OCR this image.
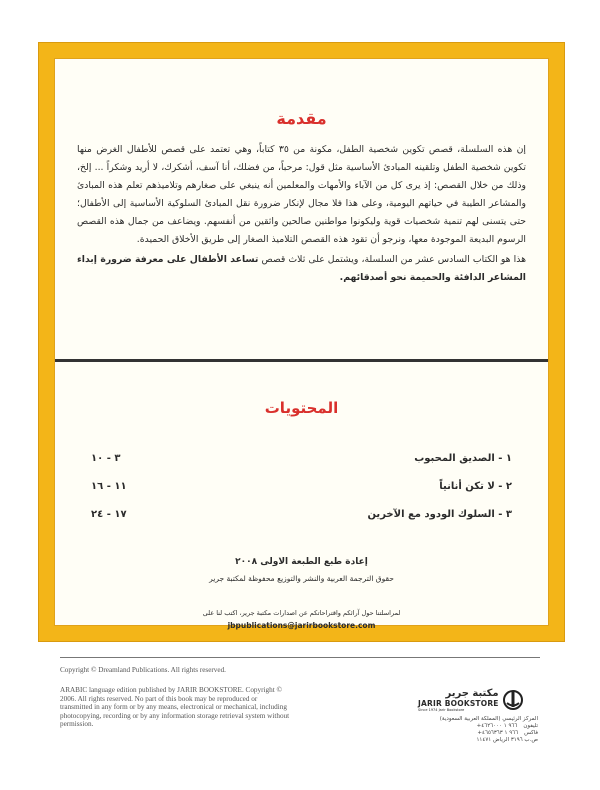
مقدمة

إن هذه السلسلة، قصص تكوين شخصية الطفل، مكونة من ٣٥ كتاباً، وهي تعتمد على قصص للأطفال الغرض منها تكوين شخصية الطفل وتلقينه المبادئ الأساسية مثل قول: مرحباً، من فضلك، أنا آسف، أشكرك، لا أريد وشكراً ... إلخ، وذلك من خلال القصص: إذ يرى كل من الآباء والأمهات والمعلمين أنه ينبغي على صغارهم وتلاميذهم تعلم هذه المبادئ والمشاعر الطيبة في حياتهم اليومية، وعلى هذا فلا مجال لإنكار ضرورة نقل المبادئ السلوكية الأساسية إلى الأطفال؛ حتى يتسنى لهم تنمية شخصيات قوية وليكونوا مواطنين صالحين واثقين من أنفسهم. ويضاعف من جمال هذه القصص الرسوم البديعة الموجودة معها، ونرجو أن تقود هذه القصص التلاميذ الصغار إلى طريق الأخلاق الحميدة.

هذا هو الكتاب السادس عشر من السلسلة، ويشتمل على ثلاث قصص تساعد الأطفال على معرفة ضرورة إبداء المشاعر الدافئة والحميمة نحو أصدقائهم.

المحتويات
٣ - ١٠	١ - الصديق المحبوب
١١ - ١٦	٢ - لا تكن أنانياً
١٧ - ٢٤	٣ - السلوك الودود مع الآخرين
إعادة طبع الطبعة الاولى ٢٠٠٨
حقوق الترجمة العربية والنشر والتوزيع محفوظة لمكتبة جرير
لمراسلتنا حول آرائكم واقتراحاتكم عن اصدارات مكتبة جرير، اكتب لنا على
jbpublications@jarirbookstore.com
Copyright © Dreamland Publications. All rights reserved.
ARABIC language edition published by JARIR BOOKSTORE. Copyright © 2006. All rights reserved. No part of this book may be reproduced or transmitted in any form or by any means, electronical or mechanical, including photocopying, recording or by any information storage retrieval system without permission.
مكتبة جرير
JARIR BOOKSTORE
Since 1974 Jarir Bookstore
المركز الرئيسي (المملكة العربية السعودية)
تليفون
٩٦٦ ١ ٤٦٢٦٠٠٠+
فاكس
٩٦٦ ١ ٤٦٥٦٣٦٣+
ص.ب ٣١٩٦ الرياض ١١٤٧١
